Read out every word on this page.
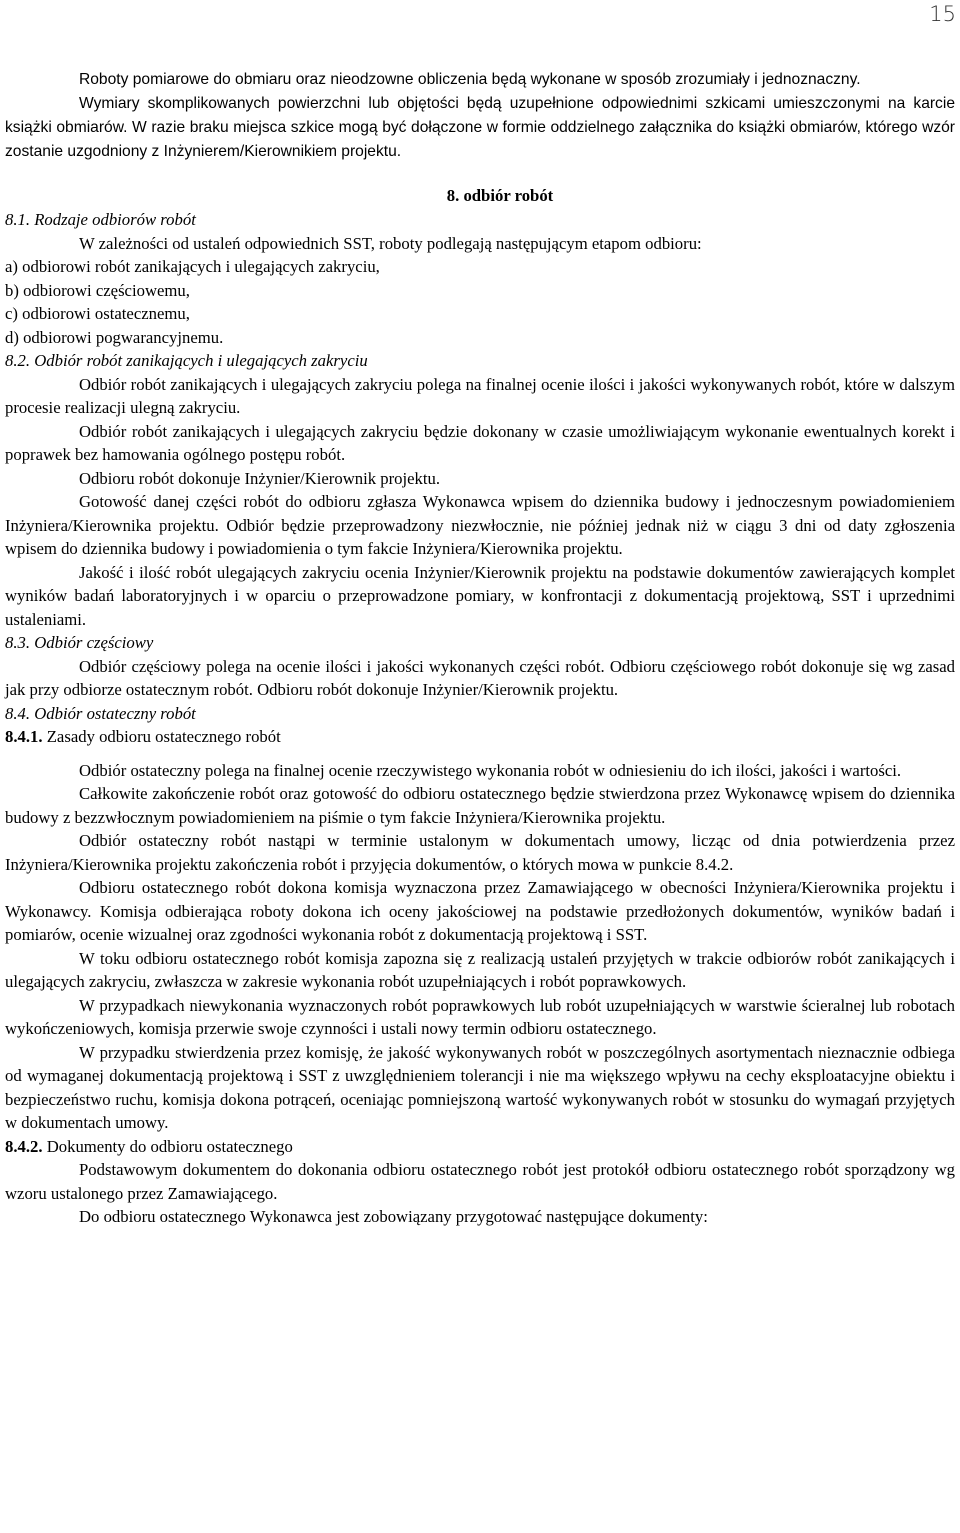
15

Roboty pomiarowe do obmiaru oraz nieodzowne obliczenia będą wykonane w sposób zrozumiały i jednoznaczny.

Wymiary skomplikowanych powierzchni lub objętości będą uzupełnione odpowiednimi szkicami umieszczonymi na karcie książki obmiarów. W razie braku miejsca szkice mogą być dołączone w formie oddzielnego załącznika do książki obmiarów, którego wzór zostanie uzgodniony z Inżynierem/Kierownikiem projektu.

8. odbiór robót

8.1. Rodzaje odbiorów robót

W zależności od ustaleń odpowiednich SST, roboty podlegają następującym etapom odbioru:

a) odbiorowi robót zanikających i ulegających zakryciu,

b) odbiorowi częściowemu,

c) odbiorowi ostatecznemu,

d) odbiorowi pogwarancyjnemu.

8.2. Odbiór robót zanikających i ulegających zakryciu

Odbiór robót zanikających i ulegających zakryciu polega na finalnej ocenie ilości i jakości wykonywanych robót, które w dalszym procesie realizacji ulegną zakryciu.

Odbiór robót zanikających i ulegających zakryciu będzie dokonany w czasie umożliwiającym wykonanie ewentualnych korekt i poprawek bez hamowania ogólnego postępu robót.

Odbioru robót dokonuje Inżynier/Kierownik projektu.

Gotowość danej części robót do odbioru zgłasza Wykonawca wpisem do dziennika budowy i jednoczesnym powiadomieniem Inżyniera/Kierownika projektu. Odbiór będzie przeprowadzony niezwłocznie, nie później jednak niż w ciągu 3 dni od daty zgłoszenia wpisem do dziennika budowy i powiadomienia o tym fakcie Inżyniera/Kierownika projektu.

Jakość i ilość robót ulegających zakryciu ocenia Inżynier/Kierownik projektu na podstawie dokumentów zawierających komplet wyników badań laboratoryjnych i w oparciu o przeprowadzone pomiary, w konfrontacji z dokumentacją projektową, SST i uprzednimi ustaleniami.

8.3. Odbiór częściowy

Odbiór częściowy polega na ocenie ilości i jakości wykonanych części robót. Odbioru częściowego robót dokonuje się wg zasad jak przy odbiorze ostatecznym robót. Odbioru robót dokonuje Inżynier/Kierownik projektu.

8.4. Odbiór ostateczny robót

8.4.1. Zasady odbioru ostatecznego robót

Odbiór ostateczny polega na finalnej ocenie rzeczywistego wykonania robót w odniesieniu do ich ilości, jakości i wartości.

Całkowite zakończenie robót oraz gotowość do odbioru ostatecznego będzie stwierdzona przez Wykonawcę wpisem do dziennika budowy z bezzwłocznym powiadomieniem na piśmie o tym fakcie Inżyniera/Kierownika projektu.

Odbiór ostateczny robót nastąpi w terminie ustalonym w dokumentach umowy, licząc od dnia potwierdzenia przez Inżyniera/Kierownika projektu zakończenia robót i przyjęcia dokumentów, o których mowa w punkcie 8.4.2.

Odbioru ostatecznego robót dokona komisja wyznaczona przez Zamawiającego w obecności Inżyniera/Kierownika projektu i Wykonawcy. Komisja odbierająca roboty dokona ich oceny jakościowej na podstawie przedłożonych dokumentów, wyników badań i pomiarów, ocenie wizualnej oraz zgodności wykonania robót z dokumentacją projektową i SST.

W toku odbioru ostatecznego robót komisja zapozna się z realizacją ustaleń przyjętych w trakcie odbiorów robót zanikających i ulegających zakryciu, zwłaszcza w zakresie wykonania robót uzupełniających i robót poprawkowych.

W przypadkach niewykonania wyznaczonych robót poprawkowych lub robót uzupełniających w warstwie ścieralnej lub robotach wykończeniowych, komisja przerwie swoje czynności i ustali nowy termin odbioru ostatecznego.

W przypadku stwierdzenia przez komisję, że jakość wykonywanych robót w poszczególnych asortymentach nieznacznie odbiega od wymaganej dokumentacją projektową i SST z uwzględnieniem tolerancji i nie ma większego wpływu na cechy eksploatacyjne obiektu i bezpieczeństwo ruchu, komisja dokona potrąceń, oceniając pomniejszoną wartość wykonywanych robót w stosunku do wymagań przyjętych w dokumentach umowy.

8.4.2. Dokumenty do odbioru ostatecznego

Podstawowym dokumentem do dokonania odbioru ostatecznego robót jest protokół odbioru ostatecznego robót sporządzony wg wzoru ustalonego przez Zamawiającego.

Do odbioru ostatecznego Wykonawca jest zobowiązany przygotować następujące dokumenty:
